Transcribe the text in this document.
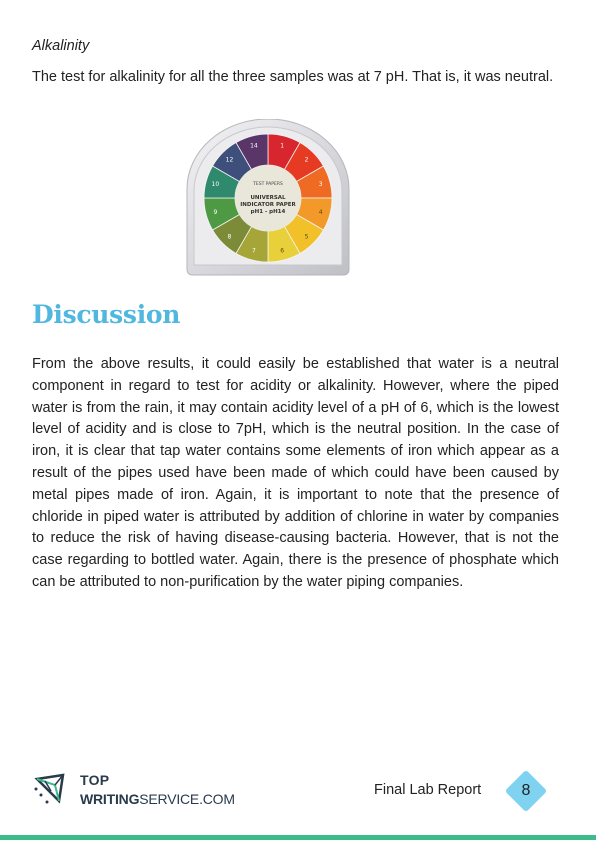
Alkalinity
The test for alkalinity for all the three samples was at 7 pH. That is, it was neutral.
1
2
3
4
5
6
7
8
9
10
12
14
TEST PAPERS
UNIVERSAL
INDICATOR PAPER
pH1 - pH14
Discussion
From the above results, it could easily be established that water is a neutral component in regard to test for acidity or alkalinity. However, where the piped water is from the rain, it may contain acidity level of a pH of 6, which is the lowest level of acidity and is close to 7pH, which is the neutral position. In the case of iron, it is clear that tap water contains some elements of iron which appear as a result of the pipes used have been made of which could have been caused by metal pipes made of iron. Again, it is important to note that the presence of chloride in piped water is attributed by addition of chlorine in water by companies to reduce the risk of having disease-causing bacteria. However, that is not the case regarding to bottled water. Again, there is the presence of phosphate which can be attributed to non-purification by the water piping companies.
TOP
WRITINGSERVICE.COM
Final Lab Report	8
